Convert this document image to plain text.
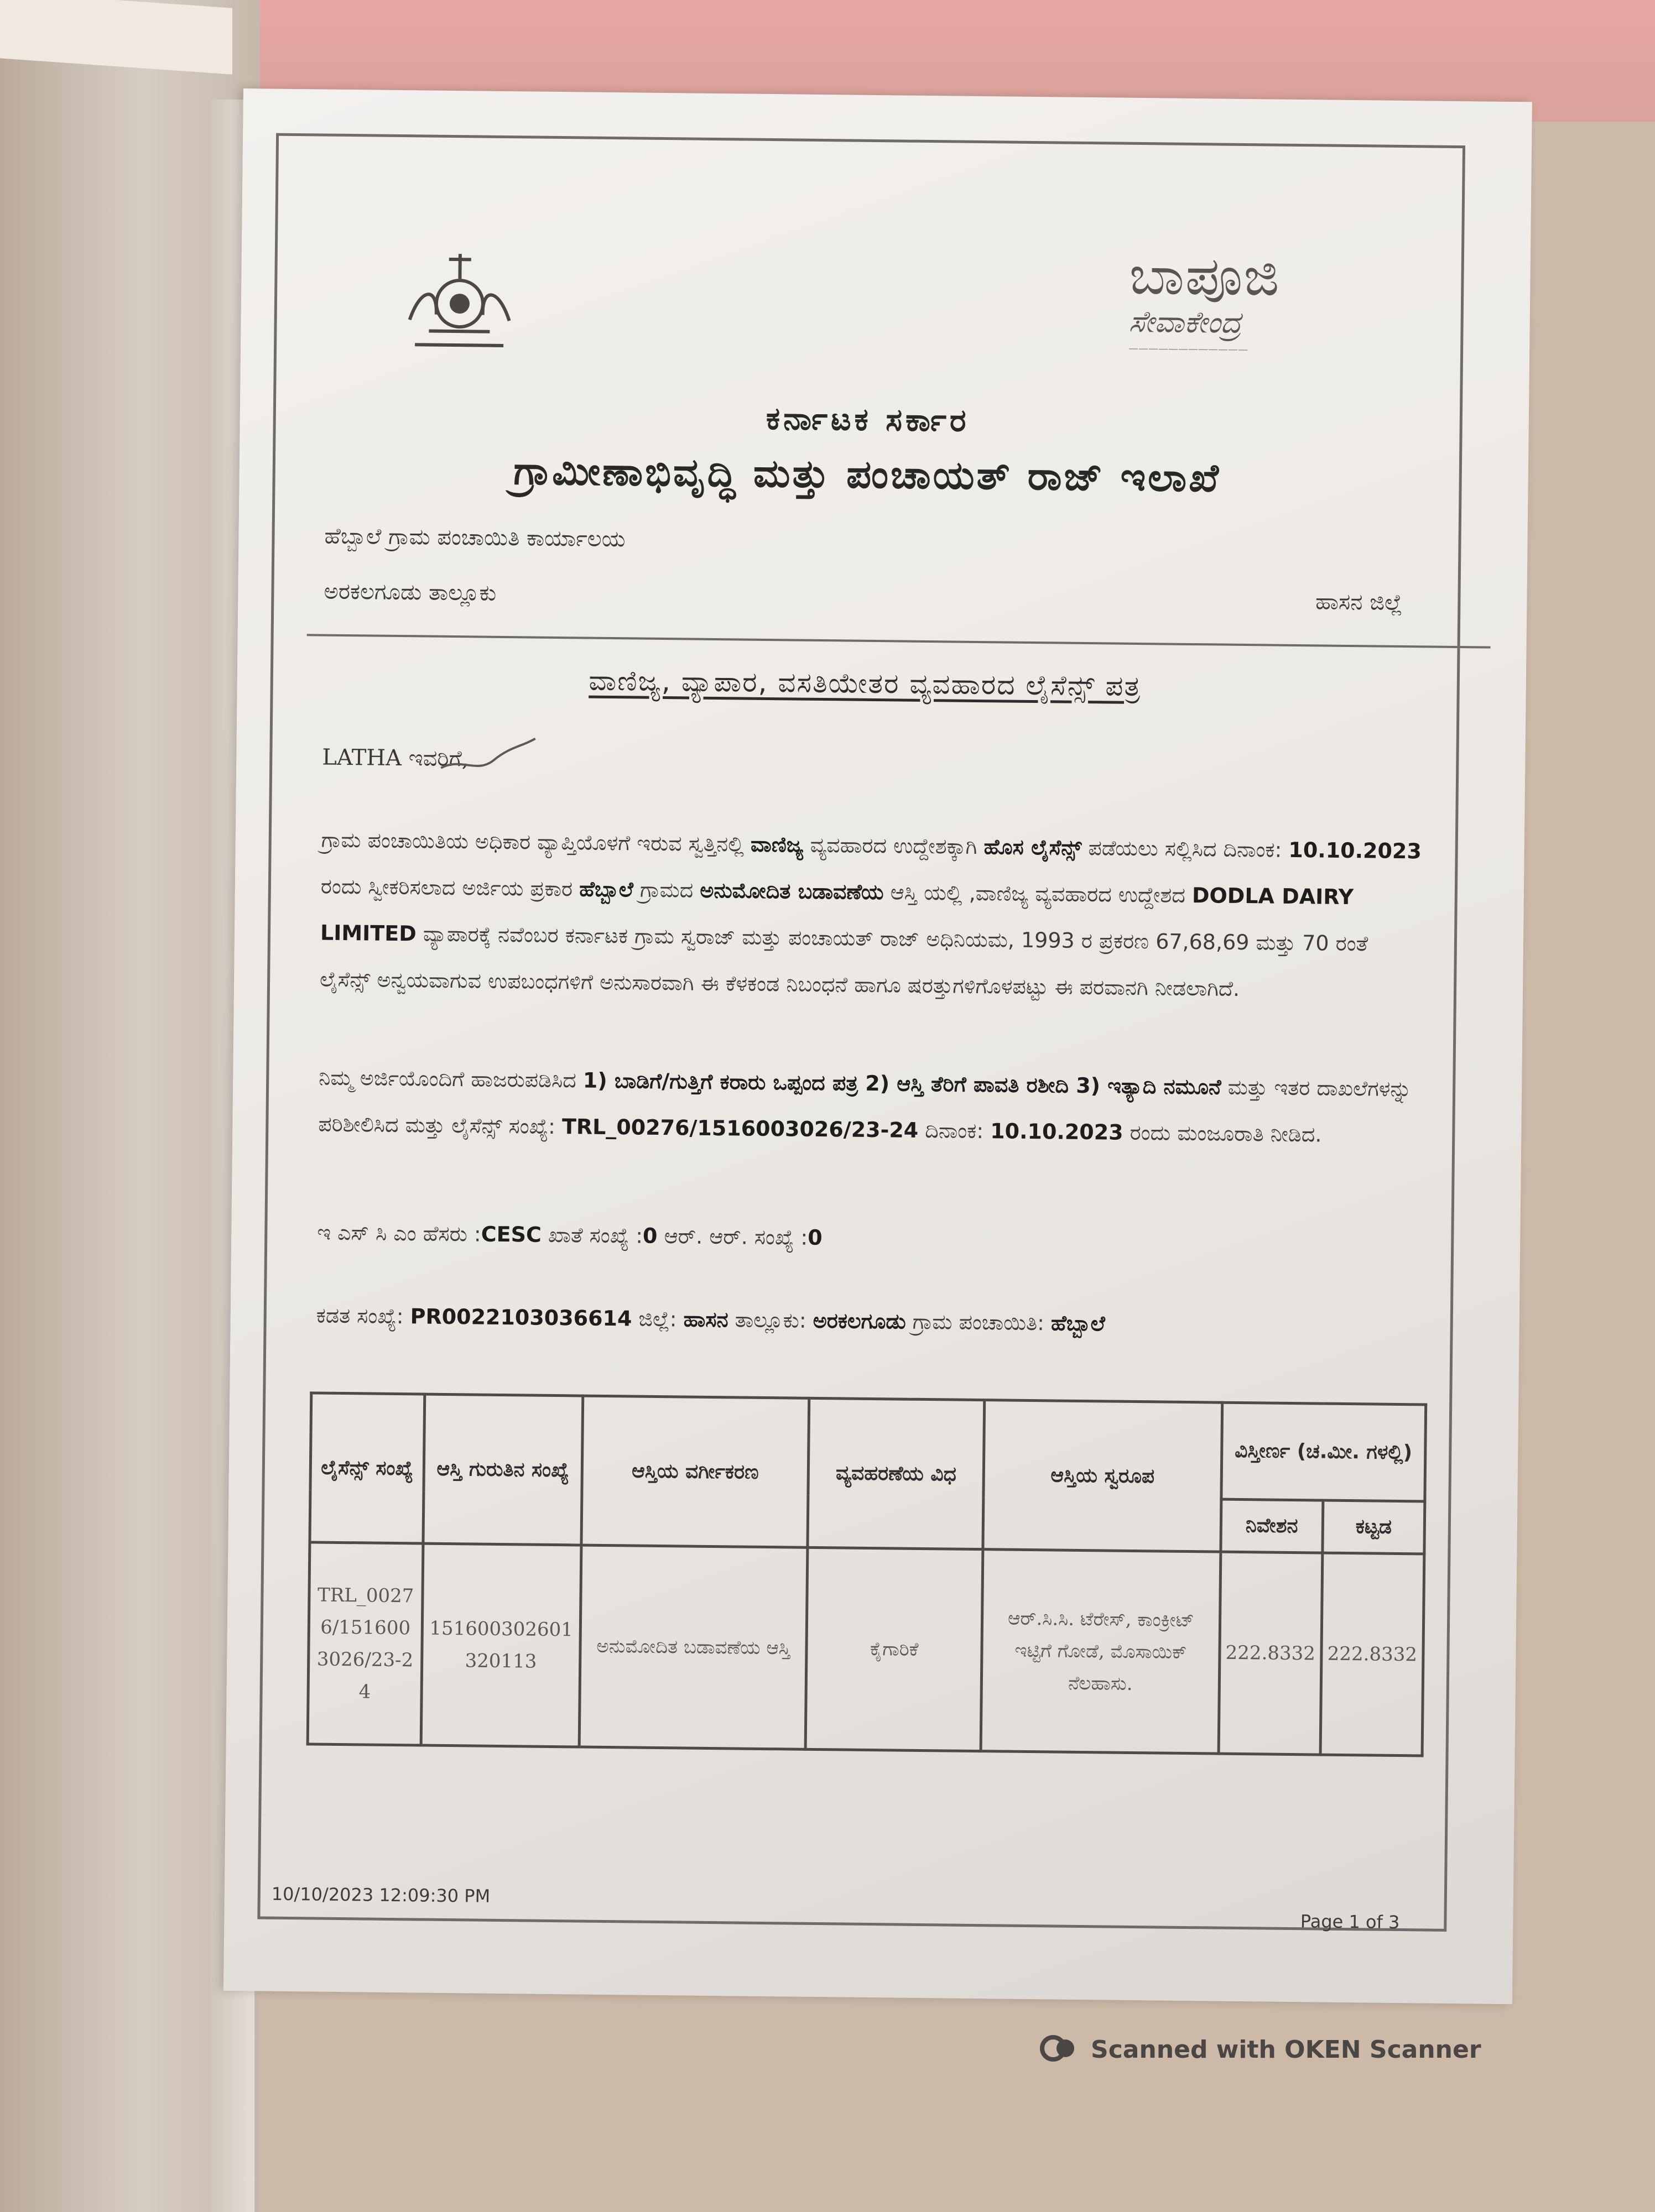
ಬಾಪೂಜಿ
ಸೇವಾಕೇಂದ್ರ
————————————
ಕರ್ನಾಟಕ ಸರ್ಕಾರ
ಗ್ರಾಮೀಣಾಭಿವೃದ್ಧಿ ಮತ್ತು ಪಂಚಾಯತ್ ರಾಜ್ ಇಲಾಖೆ
ಹೆಬ್ಬಾಲೆ ಗ್ರಾಮ ಪಂಚಾಯಿತಿ ಕಾರ್ಯಾಲಯ
ಅರಕಲಗೂಡು ತಾಲ್ಲೂಕು	ಹಾಸನ ಜಿಲ್ಲೆ
ವಾಣಿಜ್ಯ, ವ್ಯಾಪಾರ, ವಸತಿಯೇತರ ವ್ಯವಹಾರದ ಲೈಸೆನ್ಸ್ ಪತ್ರ
LATHA ಇವರಿಗೆ,
ಗ್ರಾಮ ಪಂಚಾಯಿತಿಯ ಅಧಿಕಾರ ವ್ಯಾಪ್ತಿಯೊಳಗೆ ಇರುವ ಸ್ವತ್ತಿನಲ್ಲಿ ವಾಣಿಜ್ಯ ವ್ಯವಹಾರದ ಉದ್ದೇಶಕ್ಕಾಗಿ ಹೊಸ ಲೈಸೆನ್ಸ್ ಪಡೆಯಲು ಸಲ್ಲಿಸಿದ ದಿನಾಂಕ: 10.10.2023 ರಂದು ಸ್ವೀಕರಿಸಲಾದ ಅರ್ಜಿಯ ಪ್ರಕಾರ ಹೆಬ್ಬಾಲೆ ಗ್ರಾಮದ ಅನುಮೋದಿತ ಬಡಾವಣೆಯ ಆಸ್ತಿ ಯಲ್ಲಿ ,ವಾಣಿಜ್ಯ ವ್ಯವಹಾರದ ಉದ್ದೇಶದ DODLA DAIRY LIMITED ವ್ಯಾಪಾರಕ್ಕೆ ನವೆಂಬರ ಕರ್ನಾಟಕ ಗ್ರಾಮ ಸ್ವರಾಜ್ ಮತ್ತು ಪಂಚಾಯತ್ ರಾಜ್ ಅಧಿನಿಯಮ, 1993 ರ ಪ್ರಕರಣ 67,68,69 ಮತ್ತು 70 ರಂತೆ ಲೈಸೆನ್ಸ್ ಅನ್ವಯವಾಗುವ ಉಪಬಂಧಗಳಿಗೆ ಅನುಸಾರವಾಗಿ ಈ ಕೆಳಕಂಡ ನಿಬಂಧನೆ ಹಾಗೂ ಷರತ್ತುಗಳಿಗೊಳಪಟ್ಟು ಈ ಪರವಾನಗಿ ನೀಡಲಾಗಿದೆ.
ನಿಮ್ಮ ಅರ್ಜಿಯೊಂದಿಗೆ ಹಾಜರುಪಡಿಸಿದ 1) ಬಾಡಿಗೆ/ಗುತ್ತಿಗೆ ಕರಾರು ಒಪ್ಪಂದ ಪತ್ರ 2) ಆಸ್ತಿ ತೆರಿಗೆ ಪಾವತಿ ರಶೀದಿ 3) ಇತ್ಯಾದಿ ನಮೂನೆ ಮತ್ತು ಇತರ ದಾಖಲೆಗಳನ್ನು ಪರಿಶೀಲಿಸಿದ ಮತ್ತು ಲೈಸೆನ್ಸ್ ಸಂಖ್ಯೆ: TRL_00276/1516003026/23-24 ದಿನಾಂಕ: 10.10.2023 ರಂದು ಮಂಜೂರಾತಿ ನೀಡಿದ.
ಇ ಎಸ್ ಸಿ ಎಂ ಹೆಸರು :CESC ಖಾತೆ ಸಂಖ್ಯೆ :0 ಆರ್. ಆರ್. ಸಂಖ್ಯೆ :0
ಕಡತ ಸಂಖ್ಯೆ: PR0022103036614 ಜಿಲ್ಲೆ: ಹಾಸನ ತಾಲ್ಲೂಕು: ಅರಕಲಗೂಡು ಗ್ರಾಮ ಪಂಚಾಯಿತಿ: ಹೆಬ್ಬಾಲೆ
ಲೈಸೆನ್ಸ್ ಸಂಖ್ಯೆ	ಆಸ್ತಿ ಗುರುತಿನ ಸಂಖ್ಯೆ	ಆಸ್ತಿಯ ವರ್ಗೀಕರಣ	ವ್ಯವಹರಣೆಯ ವಿಧ	ಆಸ್ತಿಯ ಸ್ವರೂಪ	ವಿಸ್ತೀರ್ಣ (ಚ.ಮೀ. ಗಳಲ್ಲಿ)	
					ನಿವೇಶನ	ಕಟ್ಟಡ
TRL_00276/1516003026/23-24	151600302601320113	ಅನುಮೋದಿತ ಬಡಾವಣೆಯ ಆಸ್ತಿ	ಕೈಗಾರಿಕೆ	ಆರ್.ಸಿ.ಸಿ. ಟೆರೇಸ್, ಕಾಂಕ್ರೀಟ್ ಇಟ್ಟಿಗೆ ಗೋಡೆ, ಮೊಸಾಯಿಕ್ ನೆಲಹಾಸು.	222.8332	222.8332
10/10/2023 12:09:30 PM
Page 1 of 3
Scanned with OKEN Scanner
